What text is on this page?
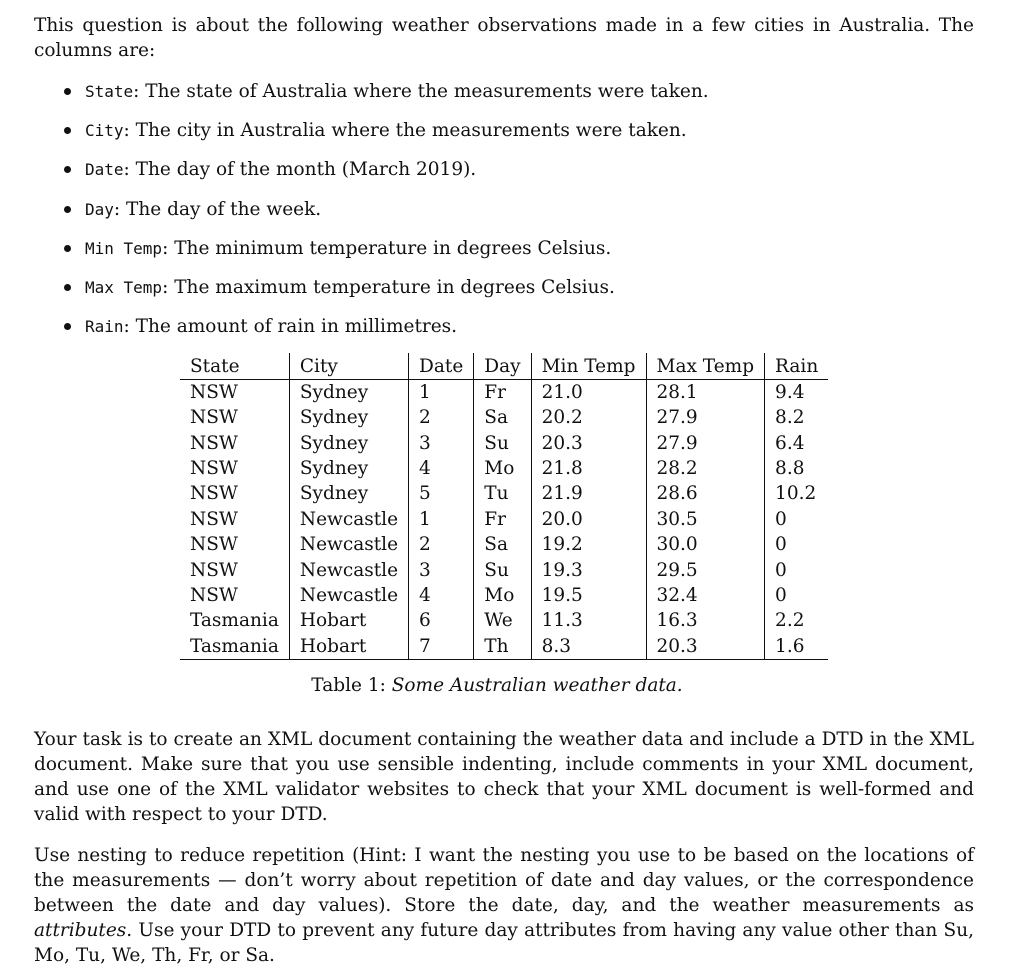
This question is about the following weather observations made in a few cities in Australia. The columns are:

State: The state of Australia where the measurements were taken.
City: The city in Australia where the measurements were taken.
Date: The day of the month (March 2019).
Day: The day of the week.
Min Temp: The minimum temperature in degrees Celsius.
Max Temp: The maximum temperature in degrees Celsius.
Rain: The amount of rain in millimetres.
State	City	Date	Day	Min Temp	Max Temp	Rain
NSW	Sydney	1	Fr	21.0	28.1	9.4
NSW	Sydney	2	Sa	20.2	27.9	8.2
NSW	Sydney	3	Su	20.3	27.9	6.4
NSW	Sydney	4	Mo	21.8	28.2	8.8
NSW	Sydney	5	Tu	21.9	28.6	10.2
NSW	Newcastle	1	Fr	20.0	30.5	0
NSW	Newcastle	2	Sa	19.2	30.0	0
NSW	Newcastle	3	Su	19.3	29.5	0
NSW	Newcastle	4	Mo	19.5	32.4	0
Tasmania	Hobart	6	We	11.3	16.3	2.2
Tasmania	Hobart	7	Th	8.3	20.3	1.6
Table 1: Some Australian weather data.

Your task is to create an XML document containing the weather data and include a DTD in the XML document. Make sure that you use sensible indenting, include comments in your XML document, and use one of the XML validator websites to check that your XML document is well-formed and valid with respect to your DTD.

Use nesting to reduce repetition (Hint: I want the nesting you use to be based on the locations of the measurements — don’t worry about repetition of date and day values, or the correspondence between the date and day values). Store the date, day, and the weather measurements as attributes. Use your DTD to prevent any future day attributes from having any value other than Su, Mo, Tu, We, Th, Fr, or Sa.
